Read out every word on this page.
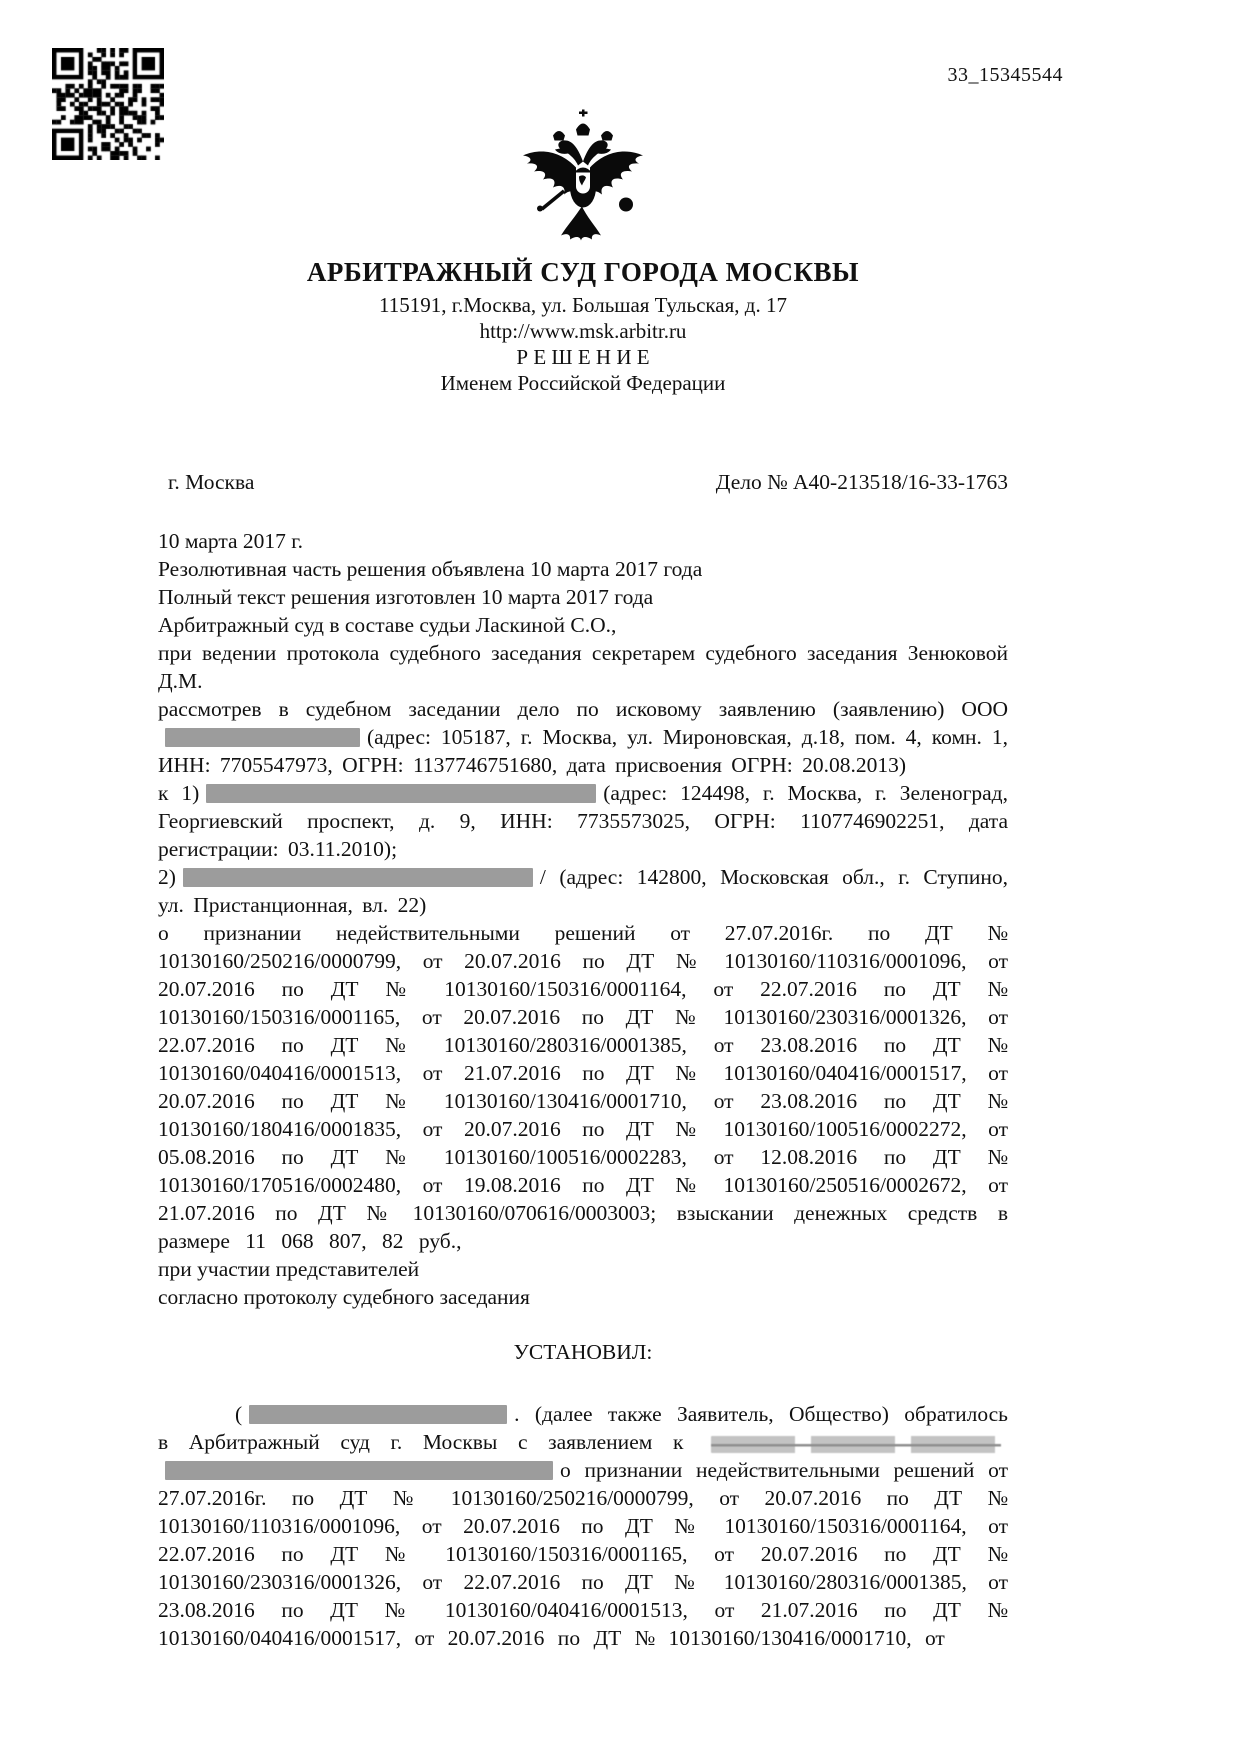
33_15345544
АРБИТРАЖНЫЙ СУД ГОРОДА МОСКВЫ
115191, г.Москва, ул. Большая Тульская, д. 17
http://www.msk.arbitr.ru
Р Е Ш Е Н И Е
Именем Российской Федерации
г. Москва	Дело № А40-213518/16-33-1763

10 марта 2017 г.

Резолютивная часть решения объявлена 10 марта 2017 года

Полный текст решения изготовлен 10 марта 2017 года

Арбитражный суд в составе судьи Ласкиной С.О.,

при ведении протокола судебного заседания секретарем судебного заседания Зенюковой Д.М.

рассмотрев в судебном заседании дело по исковому заявлению (заявлению) ООО(адрес: 105187, г. Москва, ул. Мироновская, д.18, пом. 4, комн. 1, ИНН: 7705547973, ОГРН: 1137746751680, дата присвоения ОГРН: 20.08.2013)

к 1)	(адрес: 124498, г. Москва, г. Зеленоград, Георгиевский проспект, д. 9, ИНН: 7735573025, ОГРН: 1107746902251, дата регистрации: 03.11.2010);

2)	/ (адрес: 142800, Московская обл., г. Ступино, ул. Пристанционная, вл. 22)

о признании недействительными решений от 27.07.2016г. по ДТ № 10130160/250216/0000799, от 20.07.2016 по ДТ № 10130160/110316/0001096, от 20.07.2016 по ДТ № 10130160/150316/0001164, от 22.07.2016 по ДТ № 10130160/150316/0001165, от 20.07.2016 по ДТ № 10130160/230316/0001326, от 22.07.2016 по ДТ № 10130160/280316/0001385, от 23.08.2016 по ДТ № 10130160/040416/0001513, от 21.07.2016 по ДТ № 10130160/040416/0001517, от 20.07.2016 по ДТ № 10130160/130416/0001710, от 23.08.2016 по ДТ № 10130160/180416/0001835, от 20.07.2016 по ДТ № 10130160/100516/0002272, от 05.08.2016 по ДТ № 10130160/100516/0002283, от 12.08.2016 по ДТ № 10130160/170516/0002480, от 19.08.2016 по ДТ № 10130160/250516/0002672, от 21.07.2016 по ДТ № 10130160/070616/0003003; взыскании денежных средств в размере 11 068 807, 82 руб.,

при участии представителей

согласно протоколу судебного заседания

УСТАНОВИЛ:

(	. (далее также Заявитель, Общество) обратилось в Арбитражный суд г. Москвы с заявлением к  о признании недействительными решений от 27.07.2016г. по ДТ № 10130160/250216/0000799, от 20.07.2016 по ДТ № 10130160/110316/0001096, от 20.07.2016 по ДТ № 10130160/150316/0001164, от 22.07.2016 по ДТ № 10130160/150316/0001165, от 20.07.2016 по ДТ № 10130160/230316/0001326, от 22.07.2016 по ДТ № 10130160/280316/0001385, от 23.08.2016 по ДТ № 10130160/040416/0001513, от 21.07.2016 по ДТ № 10130160/040416/0001517, от 20.07.2016 по ДТ № 10130160/130416/0001710, от
